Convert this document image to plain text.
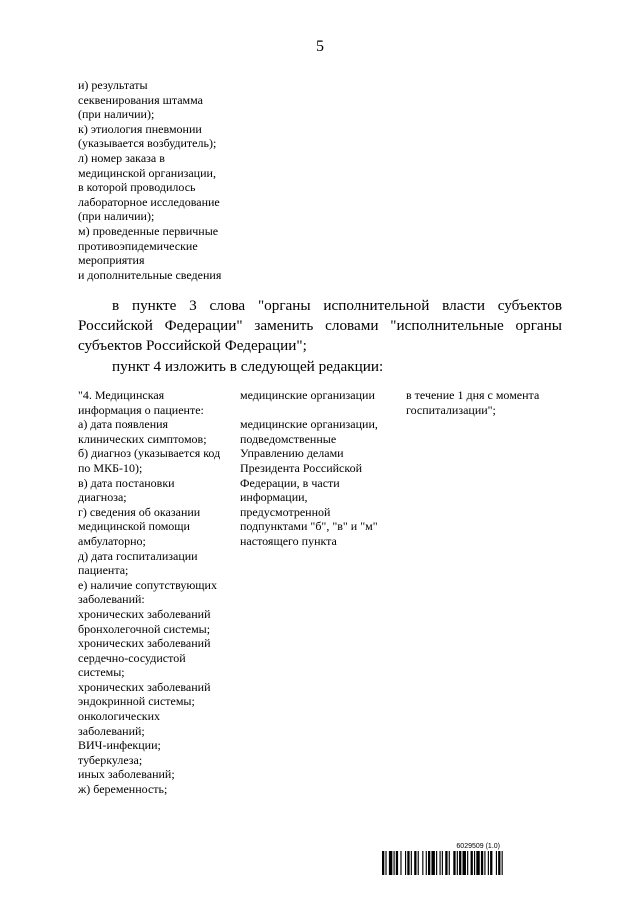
5
и) результаты
секвенирования штамма
(при наличии);
к) этиология пневмонии
(указывается возбудитель);
л) номер заказа в
медицинской организации,
в которой проводилось
лабораторное исследование
(при наличии);
м) проведенные первичные
противоэпидемические
мероприятия
и дополнительные сведения
в пункте 3 слова "органы исполнительной власти субъектов
Российской Федерации" заменить словами "исполнительные органы
субъектов Российской Федерации";
пункт 4 изложить в следующей редакции:
"4. Медицинская
информация о пациенте:
а) дата появления
клинических симптомов;
б) диагноз (указывается код
по МКБ-10);
в) дата постановки
диагноза;
г) сведения об оказании
медицинской помощи
амбулаторно;
д) дата госпитализации
пациента;
е) наличие сопутствующих
заболеваний:
хронических заболеваний
бронхолегочной системы;
хронических заболеваний
сердечно-сосудистой
системы;
хронических заболеваний
эндокринной системы;
онкологических
заболеваний;
ВИЧ-инфекции;
туберкулеза;
иных заболеваний;
ж) беременность;
медицинские организации
медицинские организации,
подведомственные
Управлению делами
Президента Российской
Федерации, в части
информации,
предусмотренной
подпунктами "б", "в" и "м"
настоящего пункта
в течение 1 дня с момента
госпитализации";
6029509 (1.0)
